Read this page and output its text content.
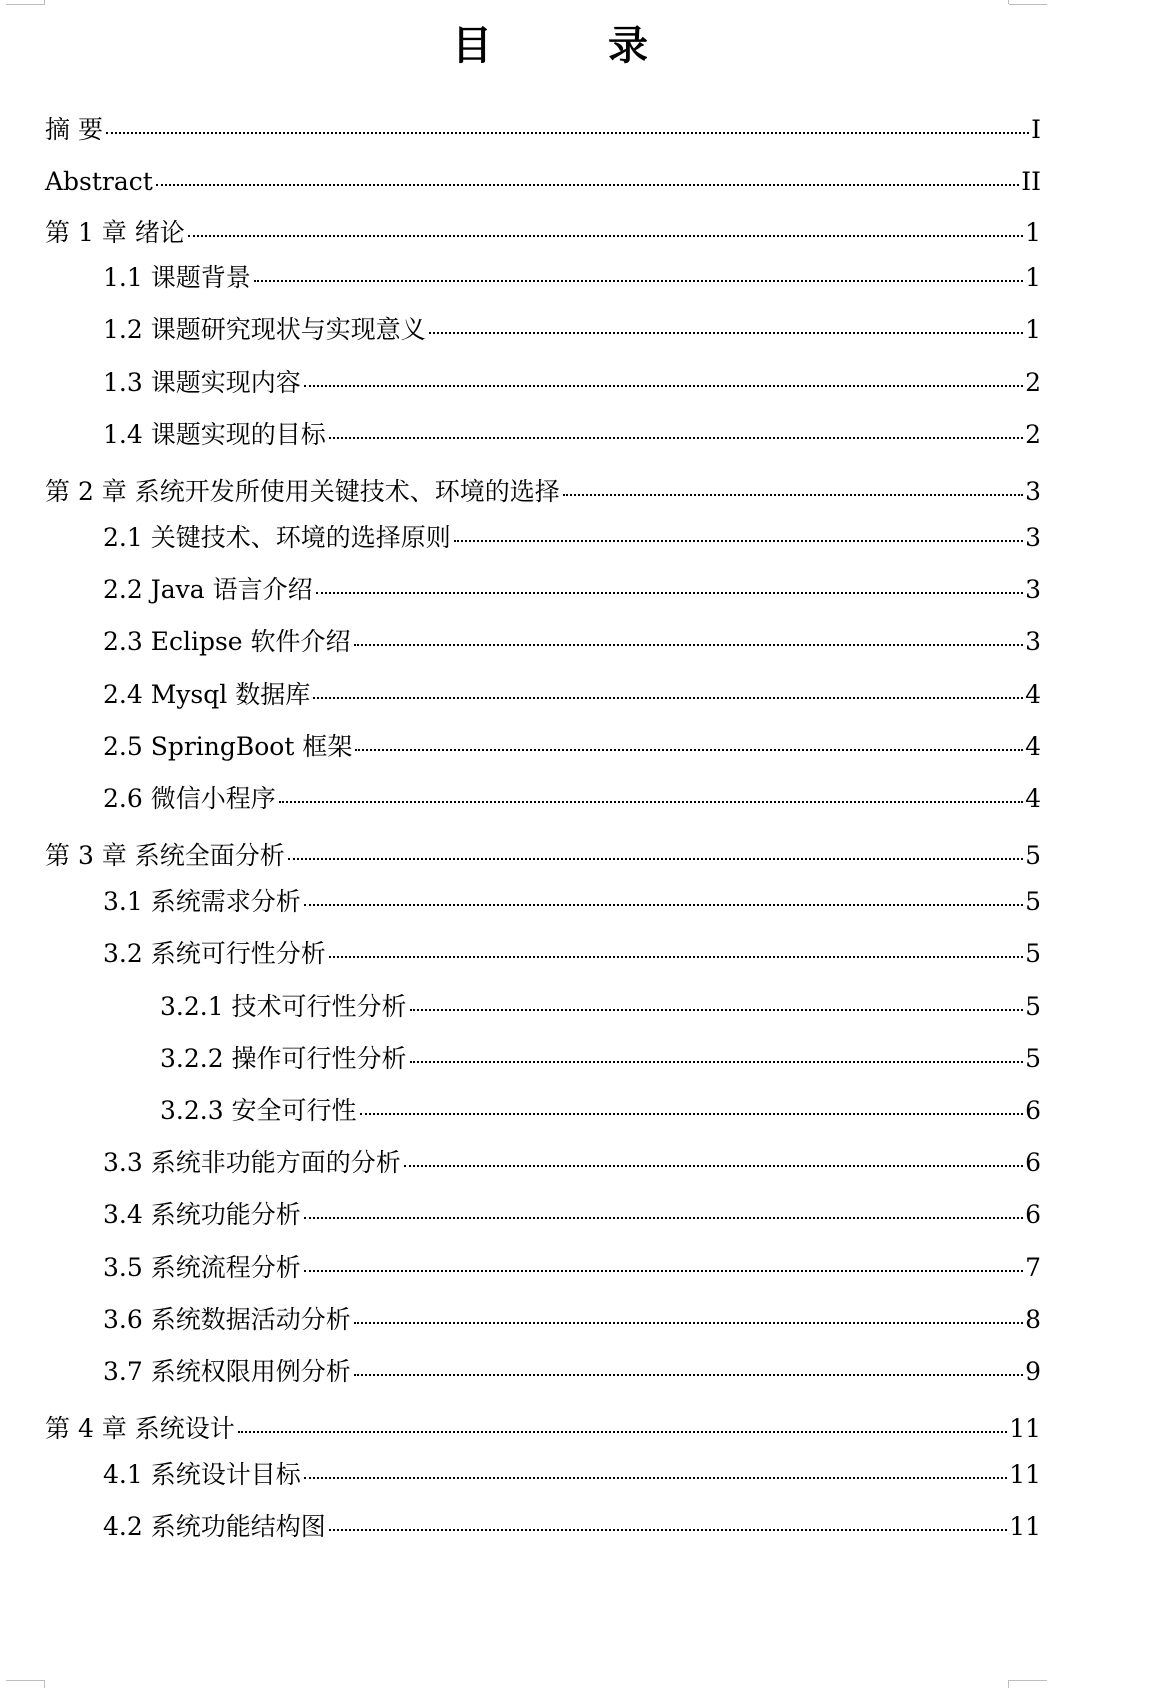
目　录
摘 要	I
Abstract	II
第 1 章 绪论	1
1.1 课题背景	1
1.2 课题研究现状与实现意义	1
1.3 课题实现内容	2
1.4 课题实现的目标	2
第 2 章 系统开发所使用关键技术、环境的选择	3
2.1 关键技术、环境的选择原则	3
2.2 Java 语言介绍	3
2.3 Eclipse 软件介绍	3
2.4 Mysql 数据库	4
2.5 SpringBoot 框架	4
2.6 微信小程序	4
第 3 章 系统全面分析	5
3.1 系统需求分析	5
3.2 系统可行性分析	5
3.2.1 技术可行性分析	5
3.2.2 操作可行性分析	5
3.2.3 安全可行性	6
3.3 系统非功能方面的分析	6
3.4 系统功能分析	6
3.5 系统流程分析	7
3.6 系统数据活动分析	8
3.7 系统权限用例分析	9
第 4 章 系统设计	11
4.1 系统设计目标	11
4.2 系统功能结构图	11
